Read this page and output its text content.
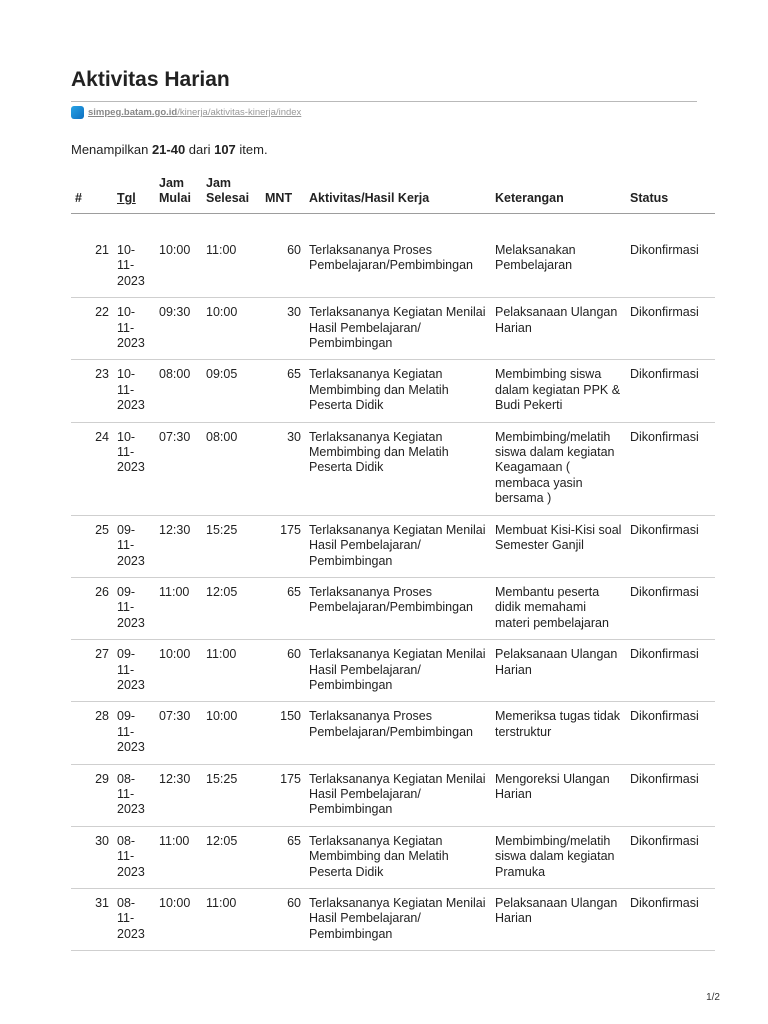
Aktivitas Harian
simpeg.batam.go.id /kinerja/aktivitas-kinerja/index
Menampilkan 21-40 dari 107 item.
#	Tgl	Jam Mulai	Jam Selesai	MNT	Aktivitas/Hasil Kerja	Keterangan	Status

21	10-
11-
2023	10:00	11:00	60	Terlaksananya Proses Pembelajaran/Pembimbingan	Melaksanakan Pembelajaran	Dikonfirmasi
22	10-
11-
2023	09:30	10:00	30	Terlaksananya Kegiatan Menilai Hasil Pembelajaran/ Pembimbingan	Pelaksanaan Ulangan Harian	Dikonfirmasi
23	10-
11-
2023	08:00	09:05	65	Terlaksananya Kegiatan Membimbing dan Melatih Peserta Didik	Membimbing siswa dalam kegiatan PPK & Budi Pekerti	Dikonfirmasi
24	10-
11-
2023	07:30	08:00	30	Terlaksananya Kegiatan Membimbing dan Melatih Peserta Didik	Membimbing/melatih siswa dalam kegiatan Keagamaan ( membaca yasin bersama )	Dikonfirmasi
25	09-
11-
2023	12:30	15:25	175	Terlaksananya Kegiatan Menilai Hasil Pembelajaran/ Pembimbingan	Membuat Kisi-Kisi soal Semester Ganjil	Dikonfirmasi
26	09-
11-
2023	11:00	12:05	65	Terlaksananya Proses Pembelajaran/Pembimbingan	Membantu peserta didik memahami materi pembelajaran	Dikonfirmasi
27	09-
11-
2023	10:00	11:00	60	Terlaksananya Kegiatan Menilai Hasil Pembelajaran/ Pembimbingan	Pelaksanaan Ulangan Harian	Dikonfirmasi
28	09-
11-
2023	07:30	10:00	150	Terlaksananya Proses Pembelajaran/Pembimbingan	Memeriksa tugas tidak terstruktur	Dikonfirmasi
29	08-
11-
2023	12:30	15:25	175	Terlaksananya Kegiatan Menilai Hasil Pembelajaran/ Pembimbingan	Mengoreksi Ulangan Harian	Dikonfirmasi
30	08-
11-
2023	11:00	12:05	65	Terlaksananya Kegiatan Membimbing dan Melatih Peserta Didik	Membimbing/melatih siswa dalam kegiatan Pramuka	Dikonfirmasi
31	08-
11-
2023	10:00	11:00	60	Terlaksananya Kegiatan Menilai Hasil Pembelajaran/ Pembimbingan	Pelaksanaan Ulangan Harian	Dikonfirmasi
1/2
